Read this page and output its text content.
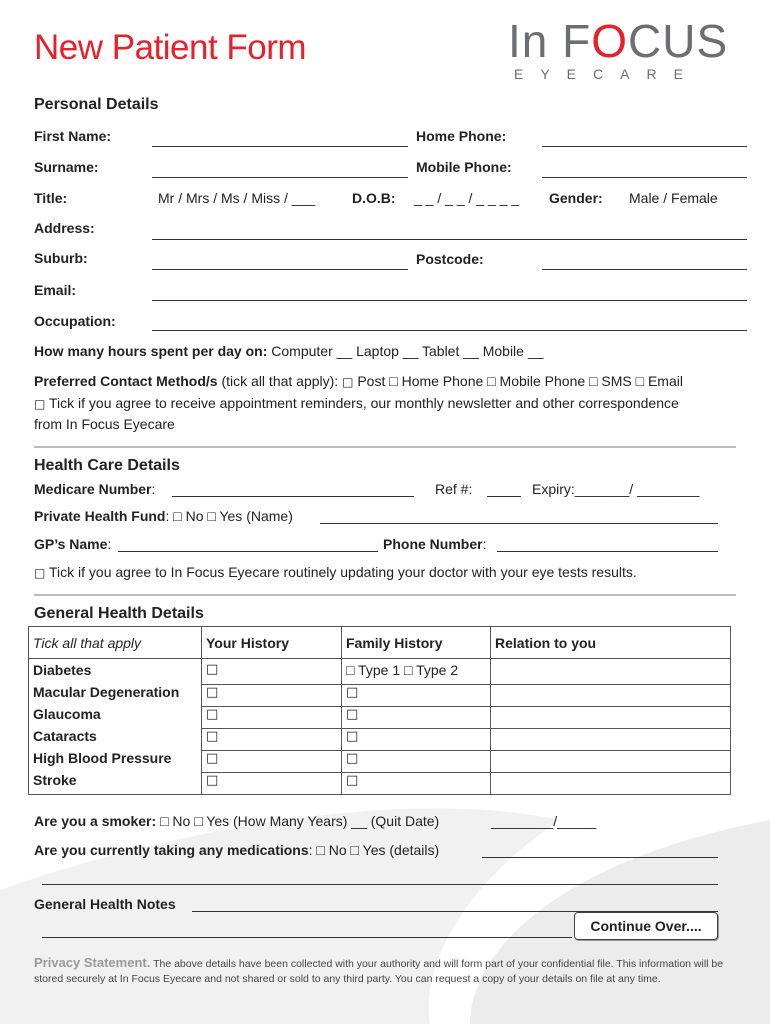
New Patient Form	In FOCUS
EYECARE
Personal Details
First Name:	Home Phone:
Surname:	Mobile Phone:
Title:	Mr / Mrs / Ms / Miss / ___	D.O.B: _ _ / _ _ / _ _ _ _ Gender: Male / Female
Address:
Suburb:	Postcode:
Email:
Occupation:
How many hours spent per day on: Computer __ Laptop __ Tablet __ Mobile __
Preferred Contact Method/s (tick all that apply): □ Post □ Home Phone □ Mobile Phone □ SMS □ Email
□ Tick if you agree to receive appointment reminders, our monthly newsletter and other correspondence
from In Focus Eyecare
Health Care Details
Medicare Number:	Ref #:	Expiry:_______/ ________
Private Health Fund: □ No □ Yes (Name)
GP’s Name:	Phone Number:
□ Tick if you agree to In Focus Eyecare routinely updating your doctor with your eye tests results.
General Health Details
Tick all that apply	Your History	Family History	Relation to you
Diabetes	□	□ Type 1 □ Type 2	
Macular Degeneration	□	□	
Glaucoma	□	□	
Cataracts	□	□	
High Blood Pressure	□	□	
Stroke	□	□	
Are you a smoker: □ No □ Yes (How Many Years) __ (Quit Date)	________/_____
Are you currently taking any medications: □ No □ Yes (details)
General Health Notes
Continue Over....
Privacy Statement. The above details have been collected with your authority and will form part of your confidential file. This information will be stored securely at In Focus Eyecare and not shared or sold to any third party. You can request a copy of your details on file at any time.
